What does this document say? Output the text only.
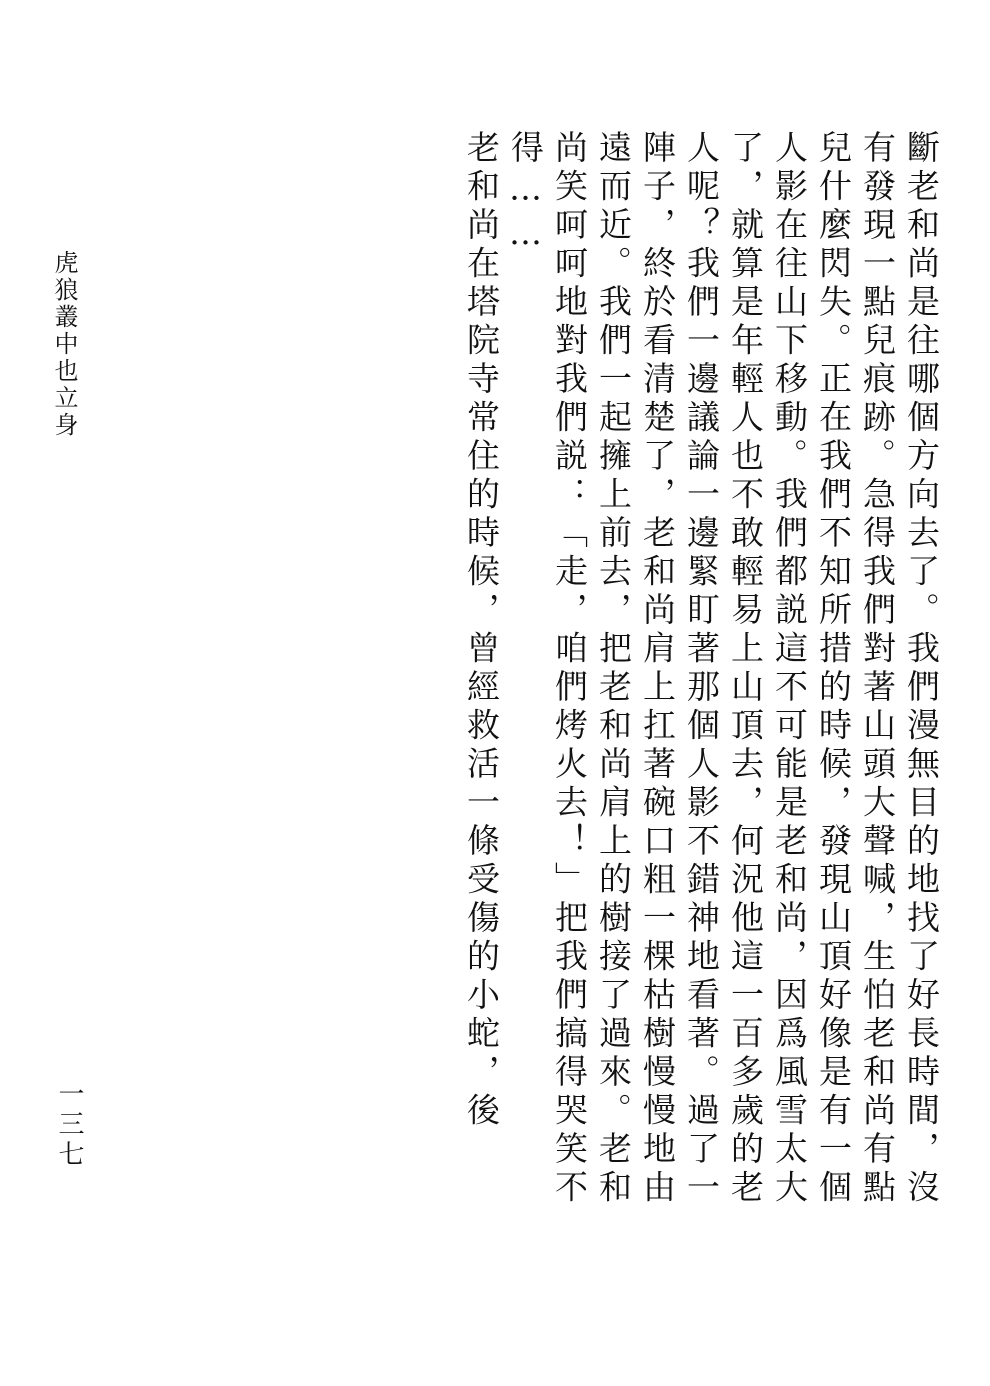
虎狼叢中也立身
一三七	老和尚在塔院寺常住的時候，曾經救活一條受傷的小蛇，後 得…… 尚笑呵呵地對我們説：「走，咱們烤火去！」把我們搞得哭笑不 遠而近。我們一起擁上前去，把老和尚肩上的樹接了過來。老和 陣子，終於看清楚了，老和尚肩上扛著碗口粗一棵枯樹慢慢地由 人呢？我們一邊議論一邊緊盯著那個人影不錯神地看著。過了一 了，就算是年輕人也不敢輕易上山頂去，何況他這一百多歲的老 人影在往山下移動。我們都説這不可能是老和尚，因爲風雪太大 兒什麼閃失。正在我們不知所措的時候，發現山頂好像是有一個 有發現一點兒痕跡。急得我們對著山頭大聲喊，生怕老和尚有點 斷老和尚是往哪個方向去了。我們漫無目的地找了好長時間，沒
